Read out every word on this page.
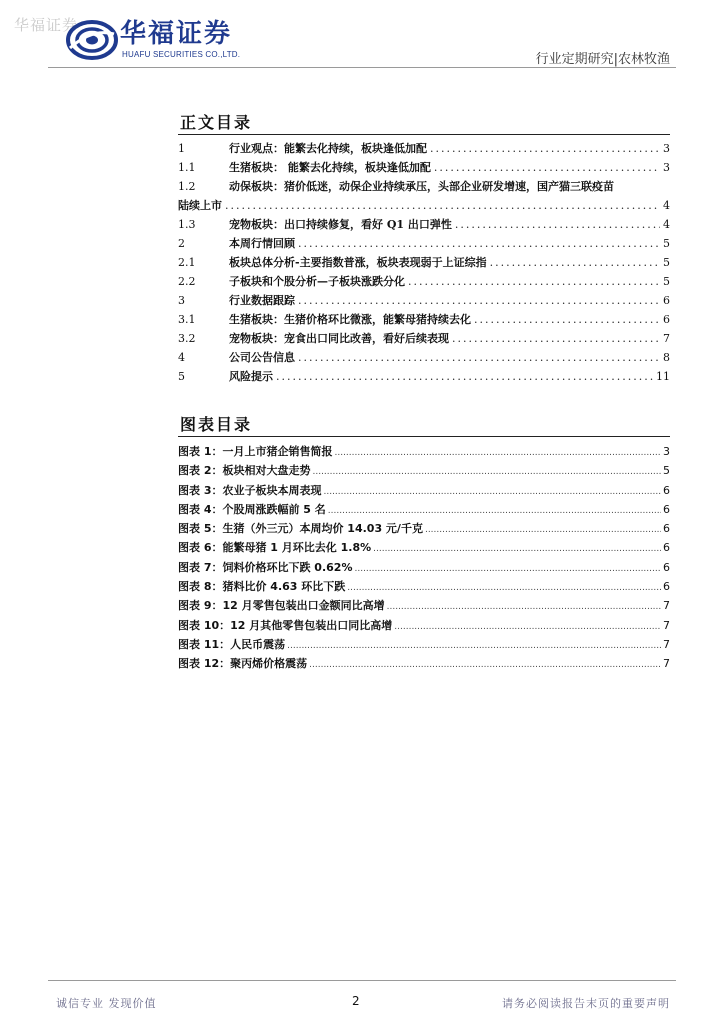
华福证券 华福证券
HUAFU SECURITIES CO.,LTD.	行业定期研究|农林牧渔
正文目录
1	行业观点：能繁去化持续，板块逢低加配 .....	3
1.1	生猪板块： 能繁去化持续，板块逢低加配 .....	3
1.2	动保板块：猪价低迷，动保企业持续承压，头部企业研发增速，国产猫三联疫苗
陆续上市 .....	4
1.3	宠物板块：出口持续修复，看好 Q1 出口弹性 .....	4
2	本周行情回顾 .....	5
2.1	板块总体分析-主要指数普涨，板块表现弱于上证综指 .....	5
2.2	子板块和个股分析—子板块涨跌分化 .....	5
3	行业数据跟踪 .....	6
3.1	生猪板块：生猪价格环比微涨，能繁母猪持续去化 .....	6
3.2	宠物板块：宠食出口同比改善，看好后续表现 .....	7
4	公司公告信息 .....	8
5	风险提示 .....	11
图表目录
图表 1：一月上市猪企销售简报 .....	3
图表 2：板块相对大盘走势 .....	5
图表 3：农业子板块本周表现 .....	6
图表 4：个股周涨跌幅前 5 名 .....	6
图表 5：生猪（外三元）本周均价 14.03 元/千克 .....	6
图表 6：能繁母猪 1 月环比去化 1.8% .....	6
图表 7：饲料价格环比下跌 0.62% .....	6
图表 8：猪料比价 4.63 环比下跌 .....	6
图表 9：12 月零售包装出口金额同比高增 .....	7
图表 10：12 月其他零售包装出口同比高增 .....	7
图表 11：人民币震荡 .....	7
图表 12：聚丙烯价格震荡 .....	7
诚信专业 发现价值	2	请务必阅读报告末页的重要声明
